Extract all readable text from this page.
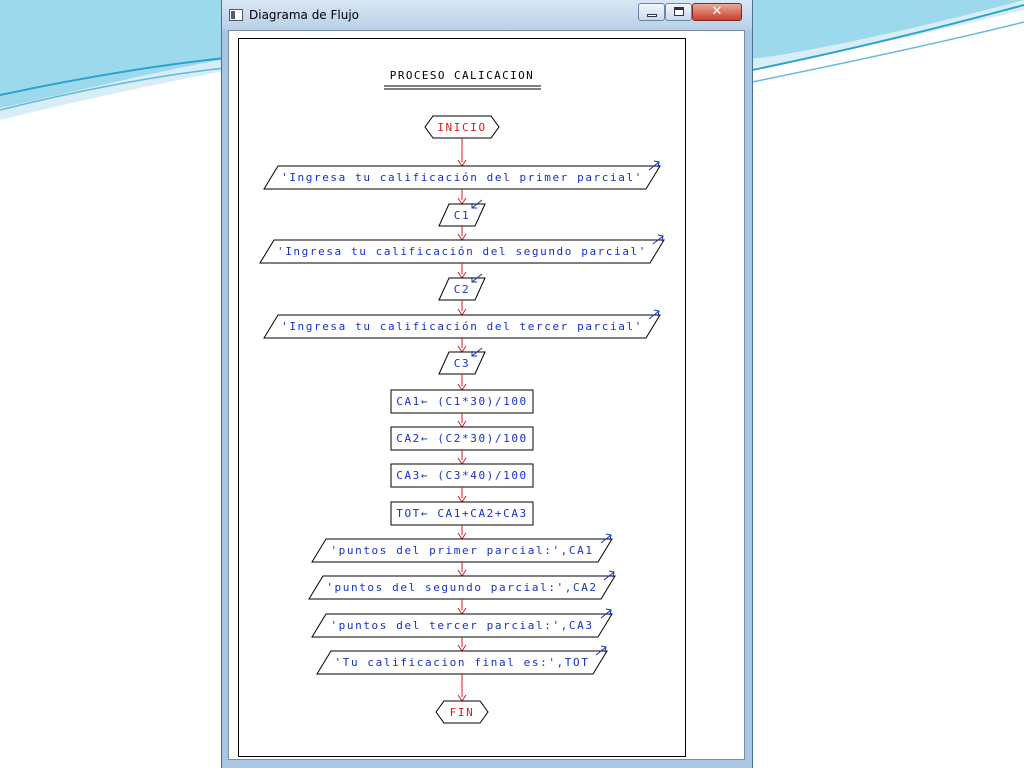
Diagrama de Flujo	✕
PROCESO CALICACION
INICIO
'Ingresa tu calificación del primer parcial'
C1
'Ingresa tu calificación del segundo parcial'
C2
'Ingresa tu calificación del tercer parcial'
C3
CA1← (C1*30)/100
CA2← (C2*30)/100
CA3← (C3*40)/100
TOT← CA1+CA2+CA3
'puntos del primer parcial:',CA1
'puntos del segundo parcial:',CA2
'puntos del tercer parcial:',CA3
'Tu calificacion final es:',TOT
FIN
